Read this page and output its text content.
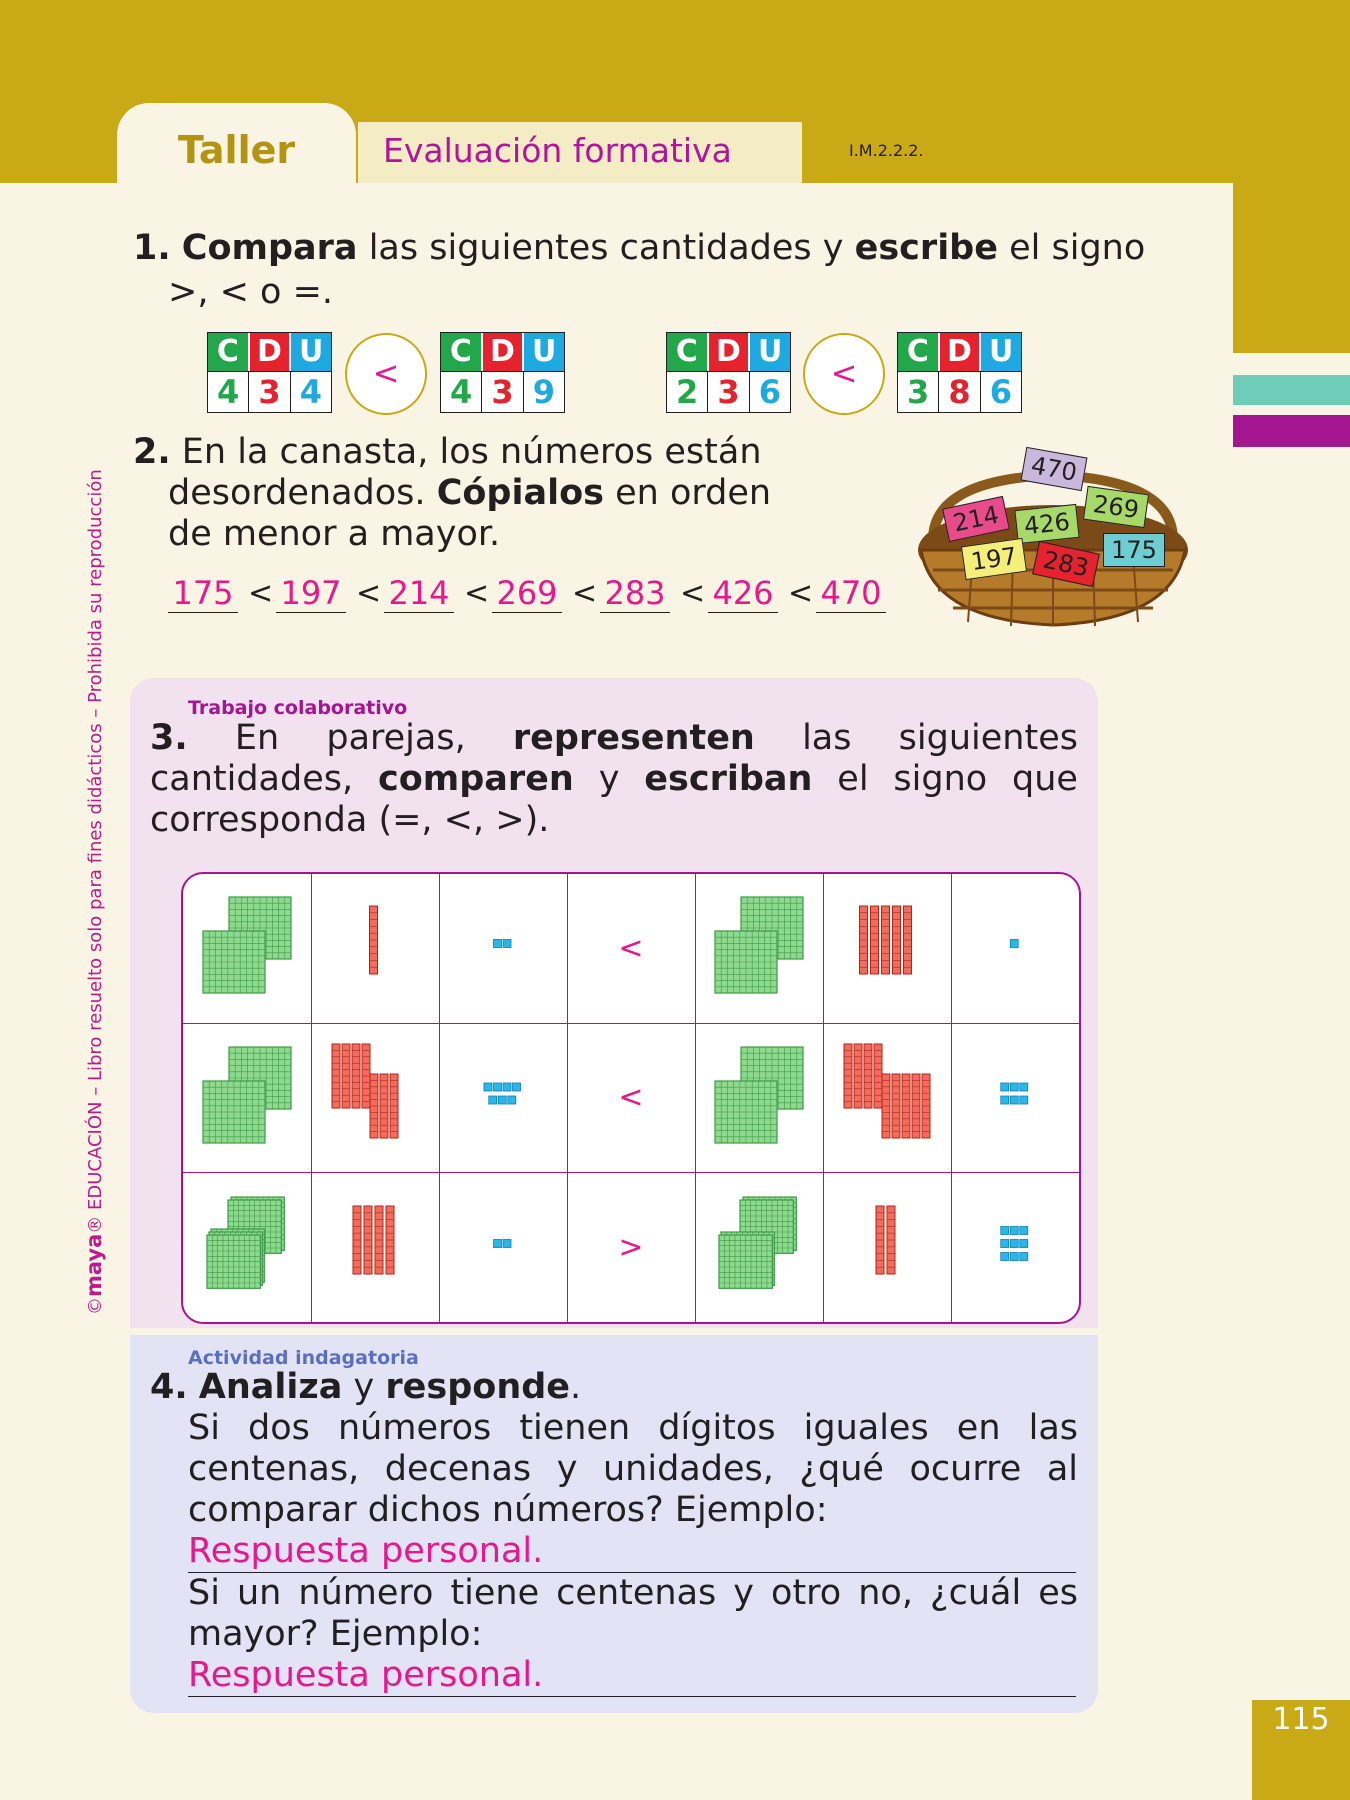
Taller	Evaluación formativa	I.M.2.2.2.
©maya® EDUCACIÓN – Libro resuelto solo para fines didácticos – Prohibida su reproducción
1. Compara las siguientes cantidades y escribe el signo
>, < o =.
C D U
4 3 4	<
C D U
4 3 9
C D U
2 3 6	<
C D U
3 8 6
2. En la canasta, los números están
desordenados. Cópialos en orden
de menor a mayor.
175 < 197 < 214 < 269 < 283 < 426 < 470
470
269
214 426
175
197 283
Trabajo colaborativo
3. En parejas, representen las siguientes cantidades, comparen y escriban el signo que corresponda (=, <, >).
			<			
			<			
			>			
Actividad indagatoria
4. Analiza y responde.
Si dos números tienen dígitos iguales en las centenas, decenas y unidades, ¿qué ocurre al comparar dichos números? Ejemplo:
Respuesta personal.
Si un número tiene centenas y otro no, ¿cuál es mayor? Ejemplo:
Respuesta personal.
115
